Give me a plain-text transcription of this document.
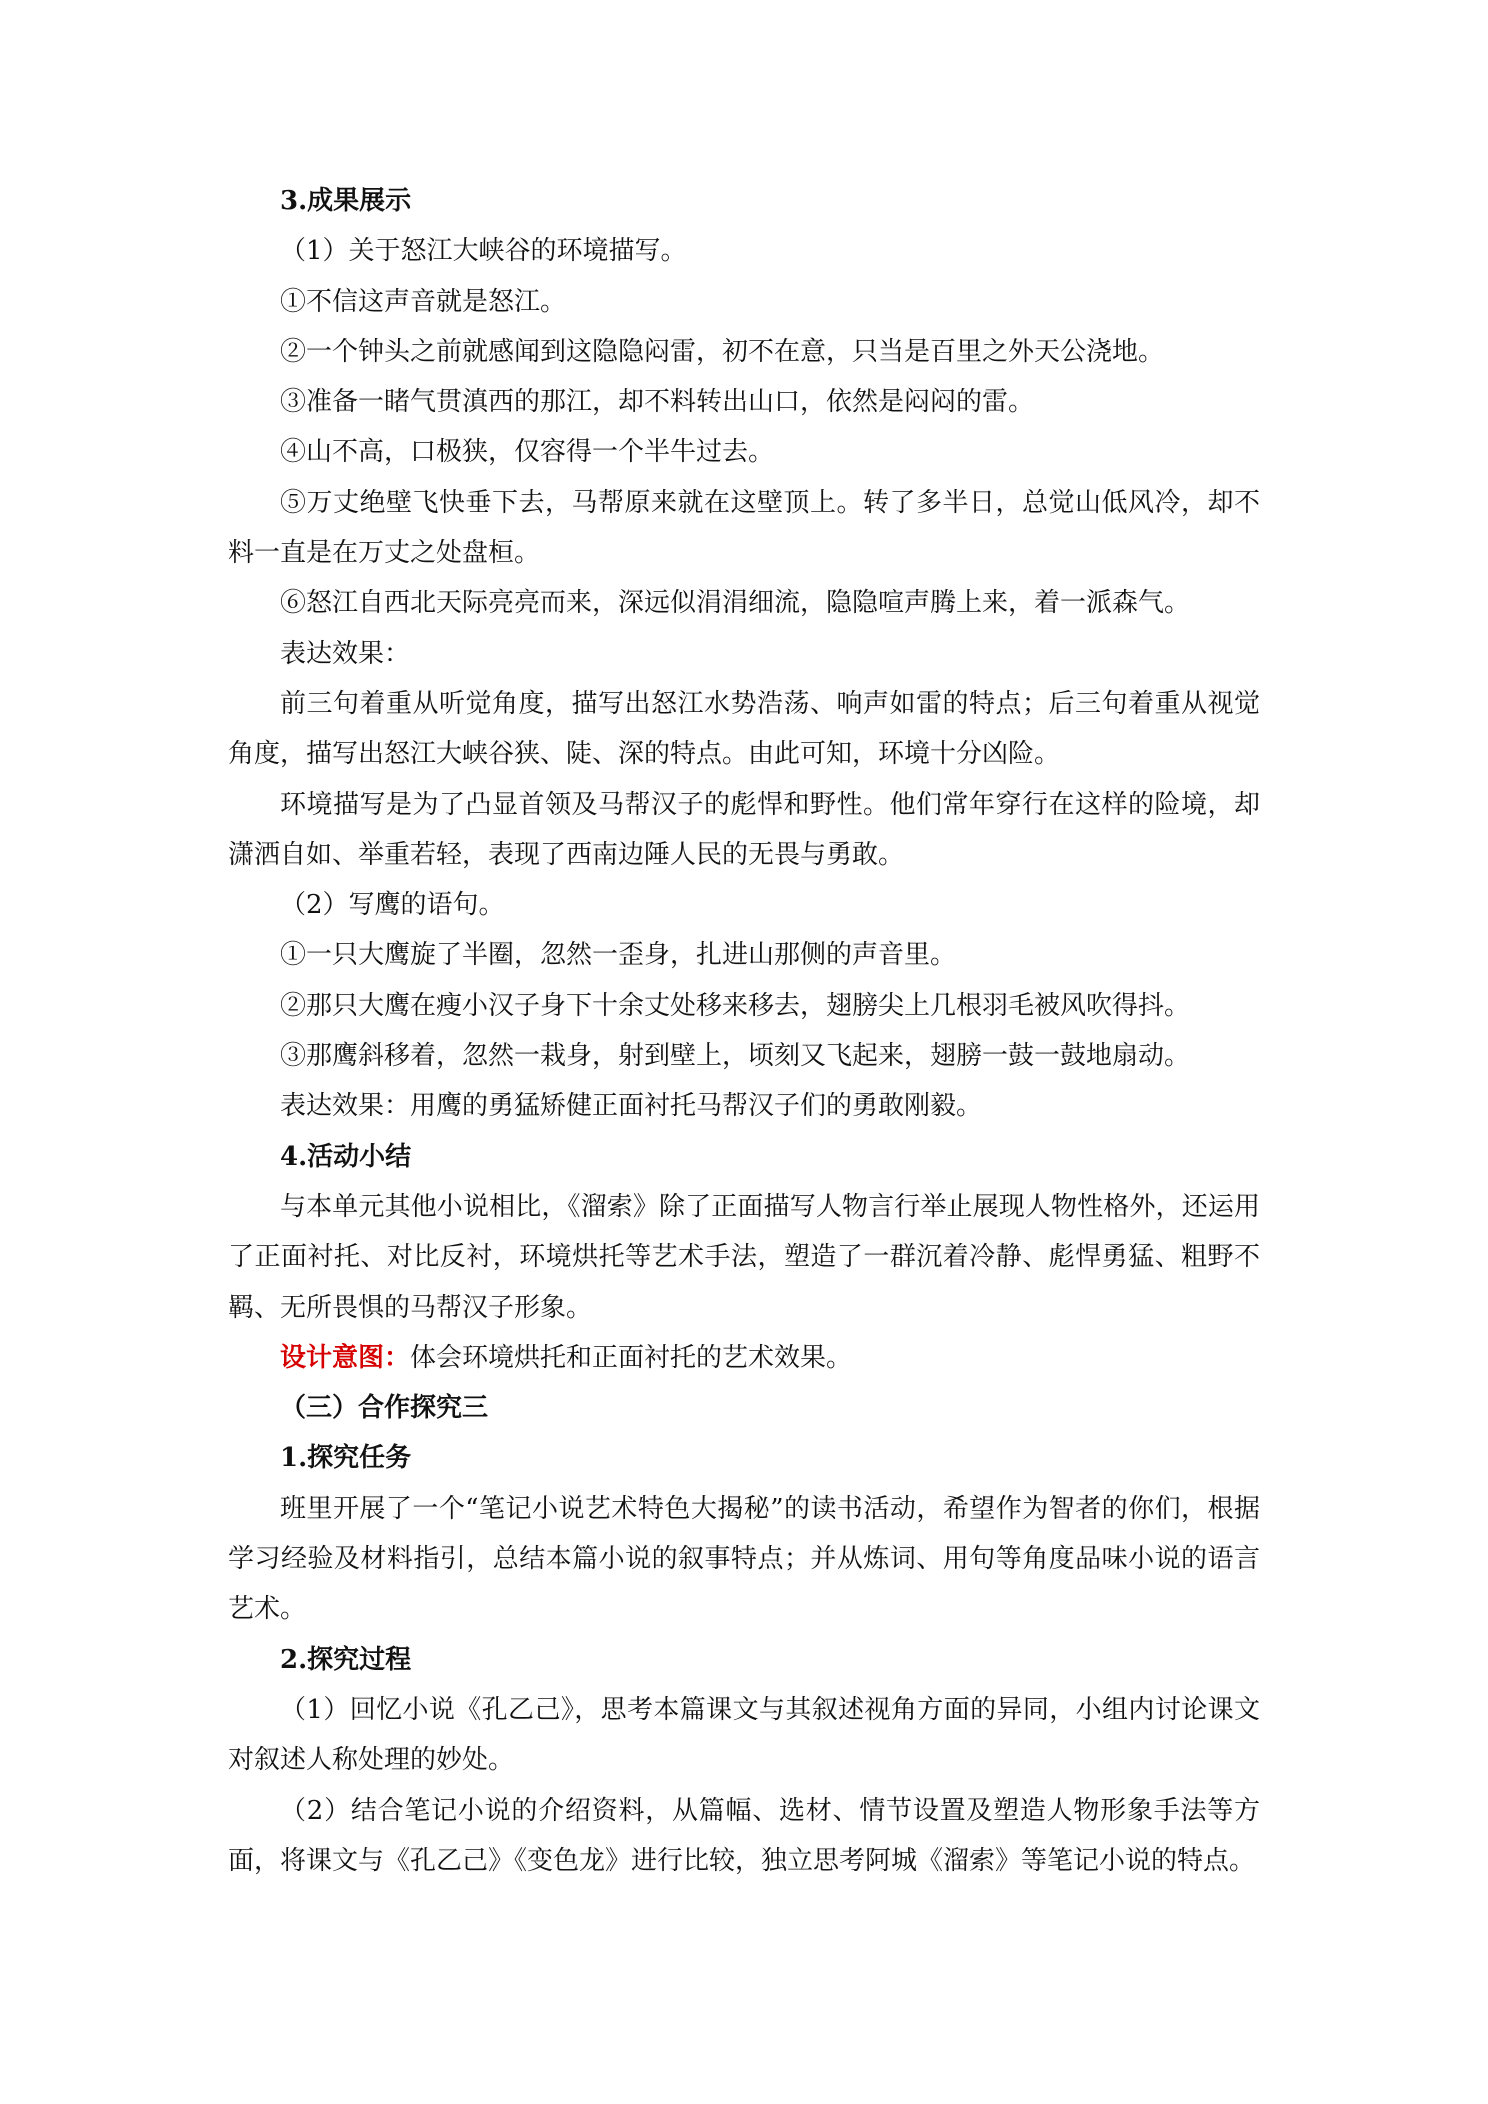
3.成果展示
（1）关于怒江大峡谷的环境描写。
①不信这声音就是怒江。
②一个钟头之前就感闻到这隐隐闷雷，初不在意，只当是百里之外天公浇地。
③准备一睹气贯滇西的那江，却不料转出山口，依然是闷闷的雷。
④山不高，口极狭，仅容得一个半牛过去。
⑤万丈绝壁飞快垂下去，马帮原来就在这壁顶上。转了多半日，总觉山低风冷，却不料一直是在万丈之处盘桓。
⑥怒江自西北天际亮亮而来，深远似涓涓细流，隐隐喧声腾上来，着一派森气。
表达效果：
前三句着重从听觉角度，描写出怒江水势浩荡、响声如雷的特点；后三句着重从视觉角度，描写出怒江大峡谷狭、陡、深的特点。由此可知，环境十分凶险。
环境描写是为了凸显首领及马帮汉子的彪悍和野性。他们常年穿行在这样的险境，却潇洒自如、举重若轻，表现了西南边陲人民的无畏与勇敢。
（2）写鹰的语句。
①一只大鹰旋了半圈，忽然一歪身，扎进山那侧的声音里。
②那只大鹰在瘦小汉子身下十余丈处移来移去，翅膀尖上几根羽毛被风吹得抖。
③那鹰斜移着，忽然一栽身，射到壁上，顷刻又飞起来，翅膀一鼓一鼓地扇动。
表达效果：用鹰的勇猛矫健正面衬托马帮汉子们的勇敢刚毅。
4.活动小结
与本单元其他小说相比，《溜索》除了正面描写人物言行举止展现人物性格外，还运用了正面衬托、对比反衬，环境烘托等艺术手法，塑造了一群沉着冷静、彪悍勇猛、粗野不羁、无所畏惧的马帮汉子形象。
设计意图：体会环境烘托和正面衬托的艺术效果。
（三）合作探究三
1.探究任务
班里开展了一个“笔记小说艺术特色大揭秘”的读书活动，希望作为智者的你们，根据学习经验及材料指引，总结本篇小说的叙事特点；并从炼词、用句等角度品味小说的语言艺术。
2.探究过程
（1）回忆小说《孔乙己》，思考本篇课文与其叙述视角方面的异同，小组内讨论课文对叙述人称处理的妙处。
（2）结合笔记小说的介绍资料，从篇幅、选材、情节设置及塑造人物形象手法等方面，将课文与《孔乙己》《变色龙》进行比较，独立思考阿城《溜索》等笔记小说的特点。
